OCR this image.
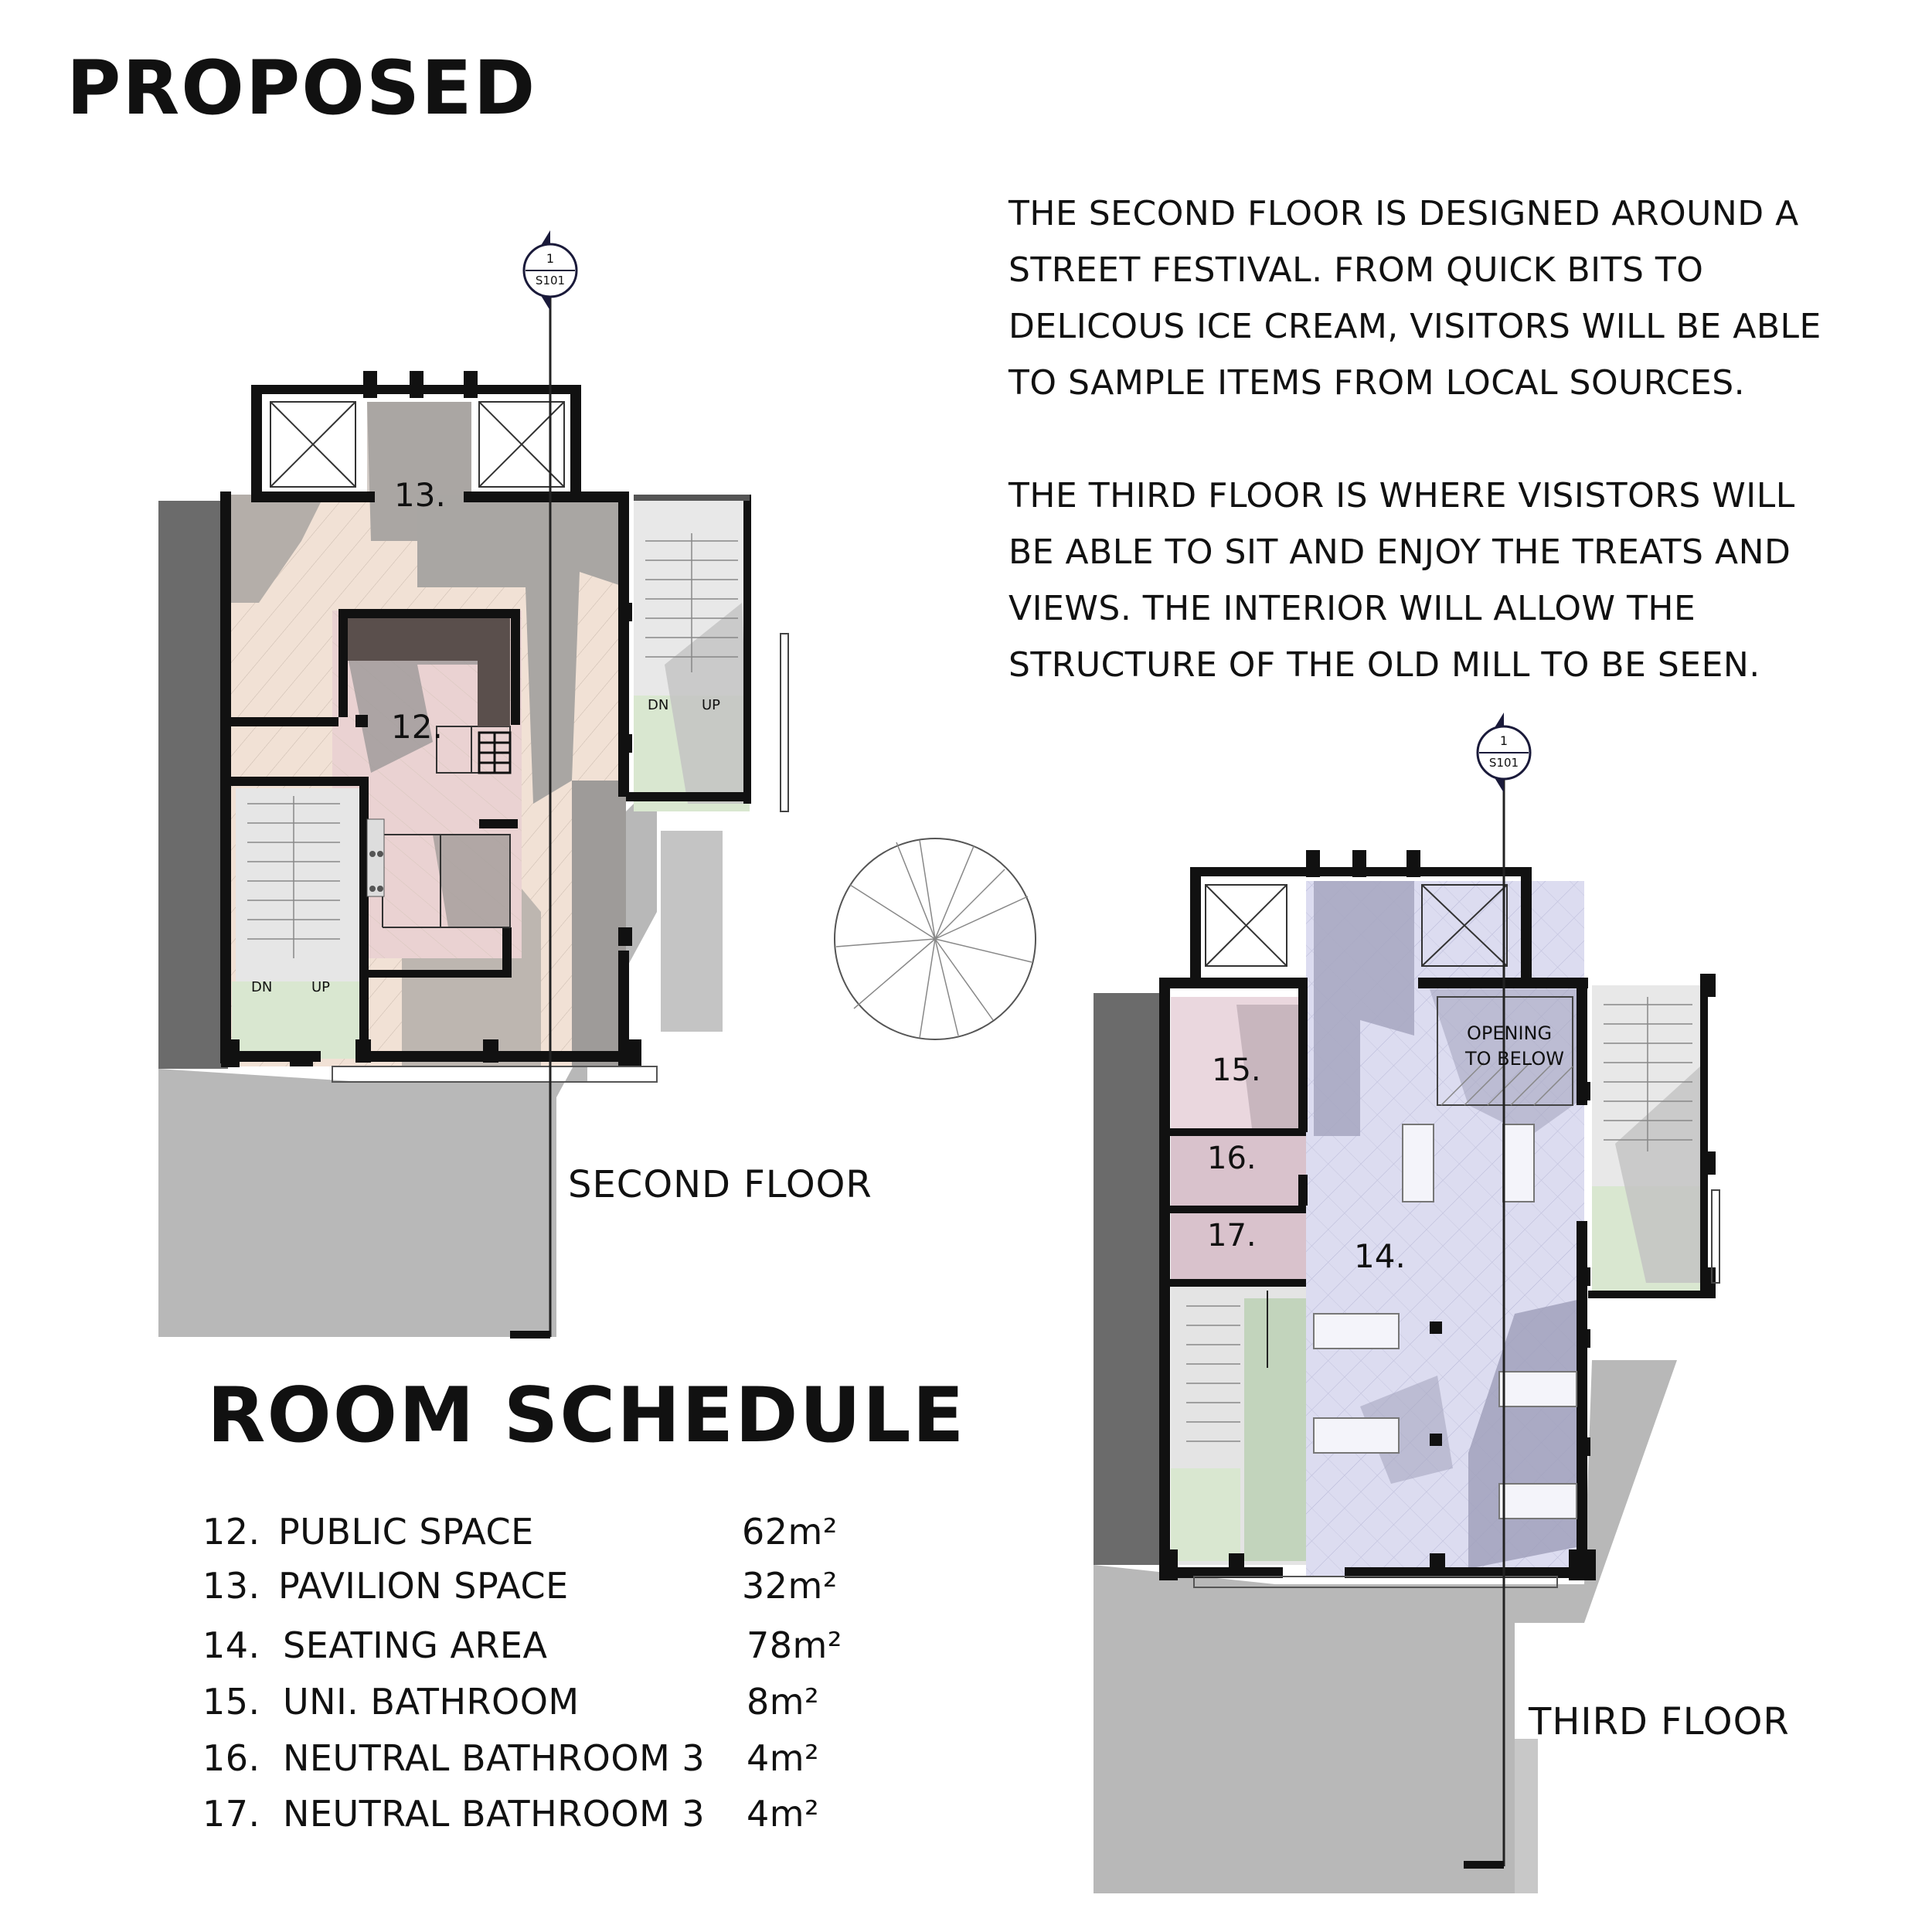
PROPOSED
THE SECOND FLOOR IS DESIGNED AROUND A
STREET FESTIVAL. FROM QUICK BITS TO
DELICOUS ICE CREAM, VISITORS WILL BE ABLE
TO SAMPLE ITEMS FROM LOCAL SOURCES.
THE THIRD FLOOR IS WHERE VISISTORS WILL
BE ABLE TO SIT AND ENJOY THE TREATS AND
VIEWS. THE INTERIOR WILL ALLOW THE
STRUCTURE OF THE OLD MILL TO BE SEEN.
1
S101
13.
12.
DN	UP
DN UP
SECOND FLOOR
1
S101
OPENING
TO BELOW
15.
16.
17.
14.
THIRD FLOOR
ROOM SCHEDULE
12. PUBLIC SPACE	62m²
13. PAVILION SPACE	32m²
14. SEATING AREA	78m²
15. UNI. BATHROOM	8m²
16. NEUTRAL BATHROOM 3 4m²
17. NEUTRAL BATHROOM 3 4m²
